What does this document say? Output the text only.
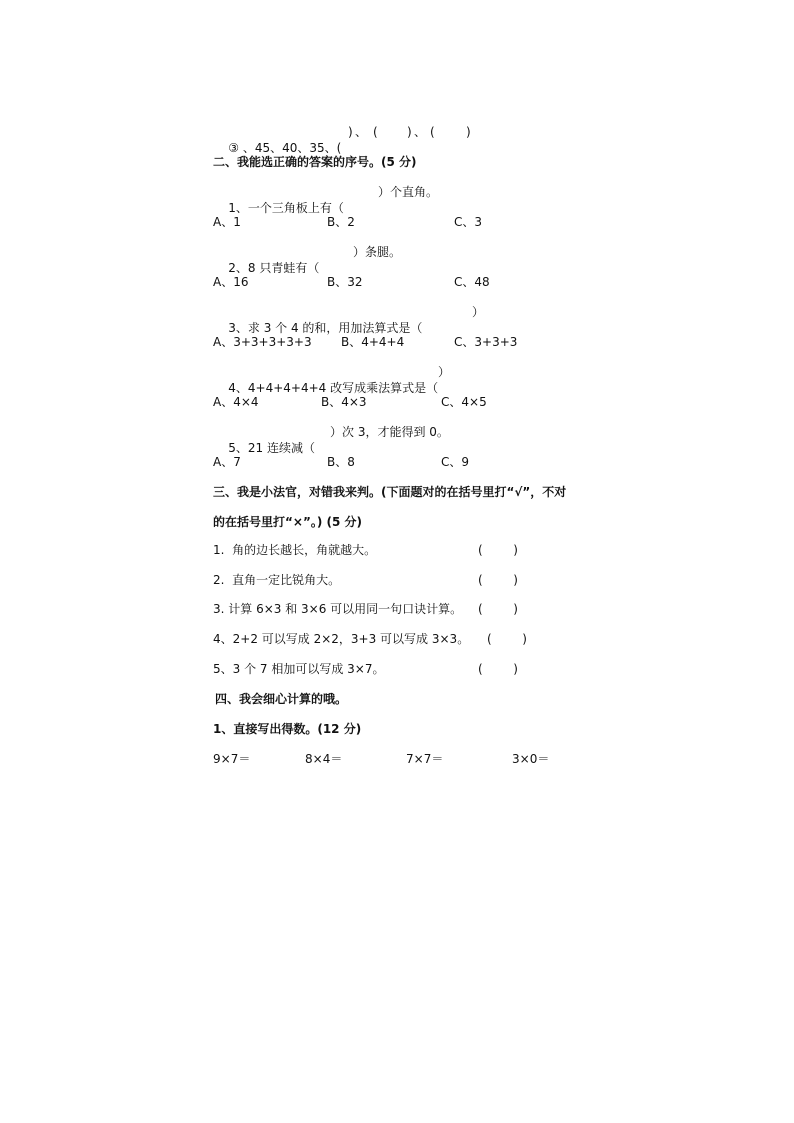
③ 、45、40、35、(

) 、 ( ) 、 (	)
二、我能选正确的答案的序号。(5 分)

1、一个三角板上有（

）个直角。
A、1	B、2	C、3

2、8 只青蛙有（

）条腿。
A、16	B、32	C、48

3、求 3 个 4 的和，用加法算式是（

）
A、3+3+3+3+3 B、4+4+4	C、3+3+3

4、4+4+4+4+4 改写成乘法算式是（

）
A、4×4	B、4×3	C、4×5

5、21 连续减（

）次 3，才能得到 0。
A、7	B、8	C、9
三、我是小法官，对错我来判。(下面题对的在括号里打“√”，不对
的在括号里打“×”。) (5 分)
1.  角的边长越长，角就越大。	(        )
2.  直角一定比锐角大。	(        )
3. 计算 6×3 和 3×6 可以用同一句口诀计算。 (        )
4、2+2 可以写成 2×2，3+3 可以写成 3×3。 (        )
5、3 个 7 相加可以写成 3×7。	(        )
四、我会细心计算的哦。
1、直接写出得数。(12 分)
9×7＝	8×4＝	7×7＝	3×0＝
